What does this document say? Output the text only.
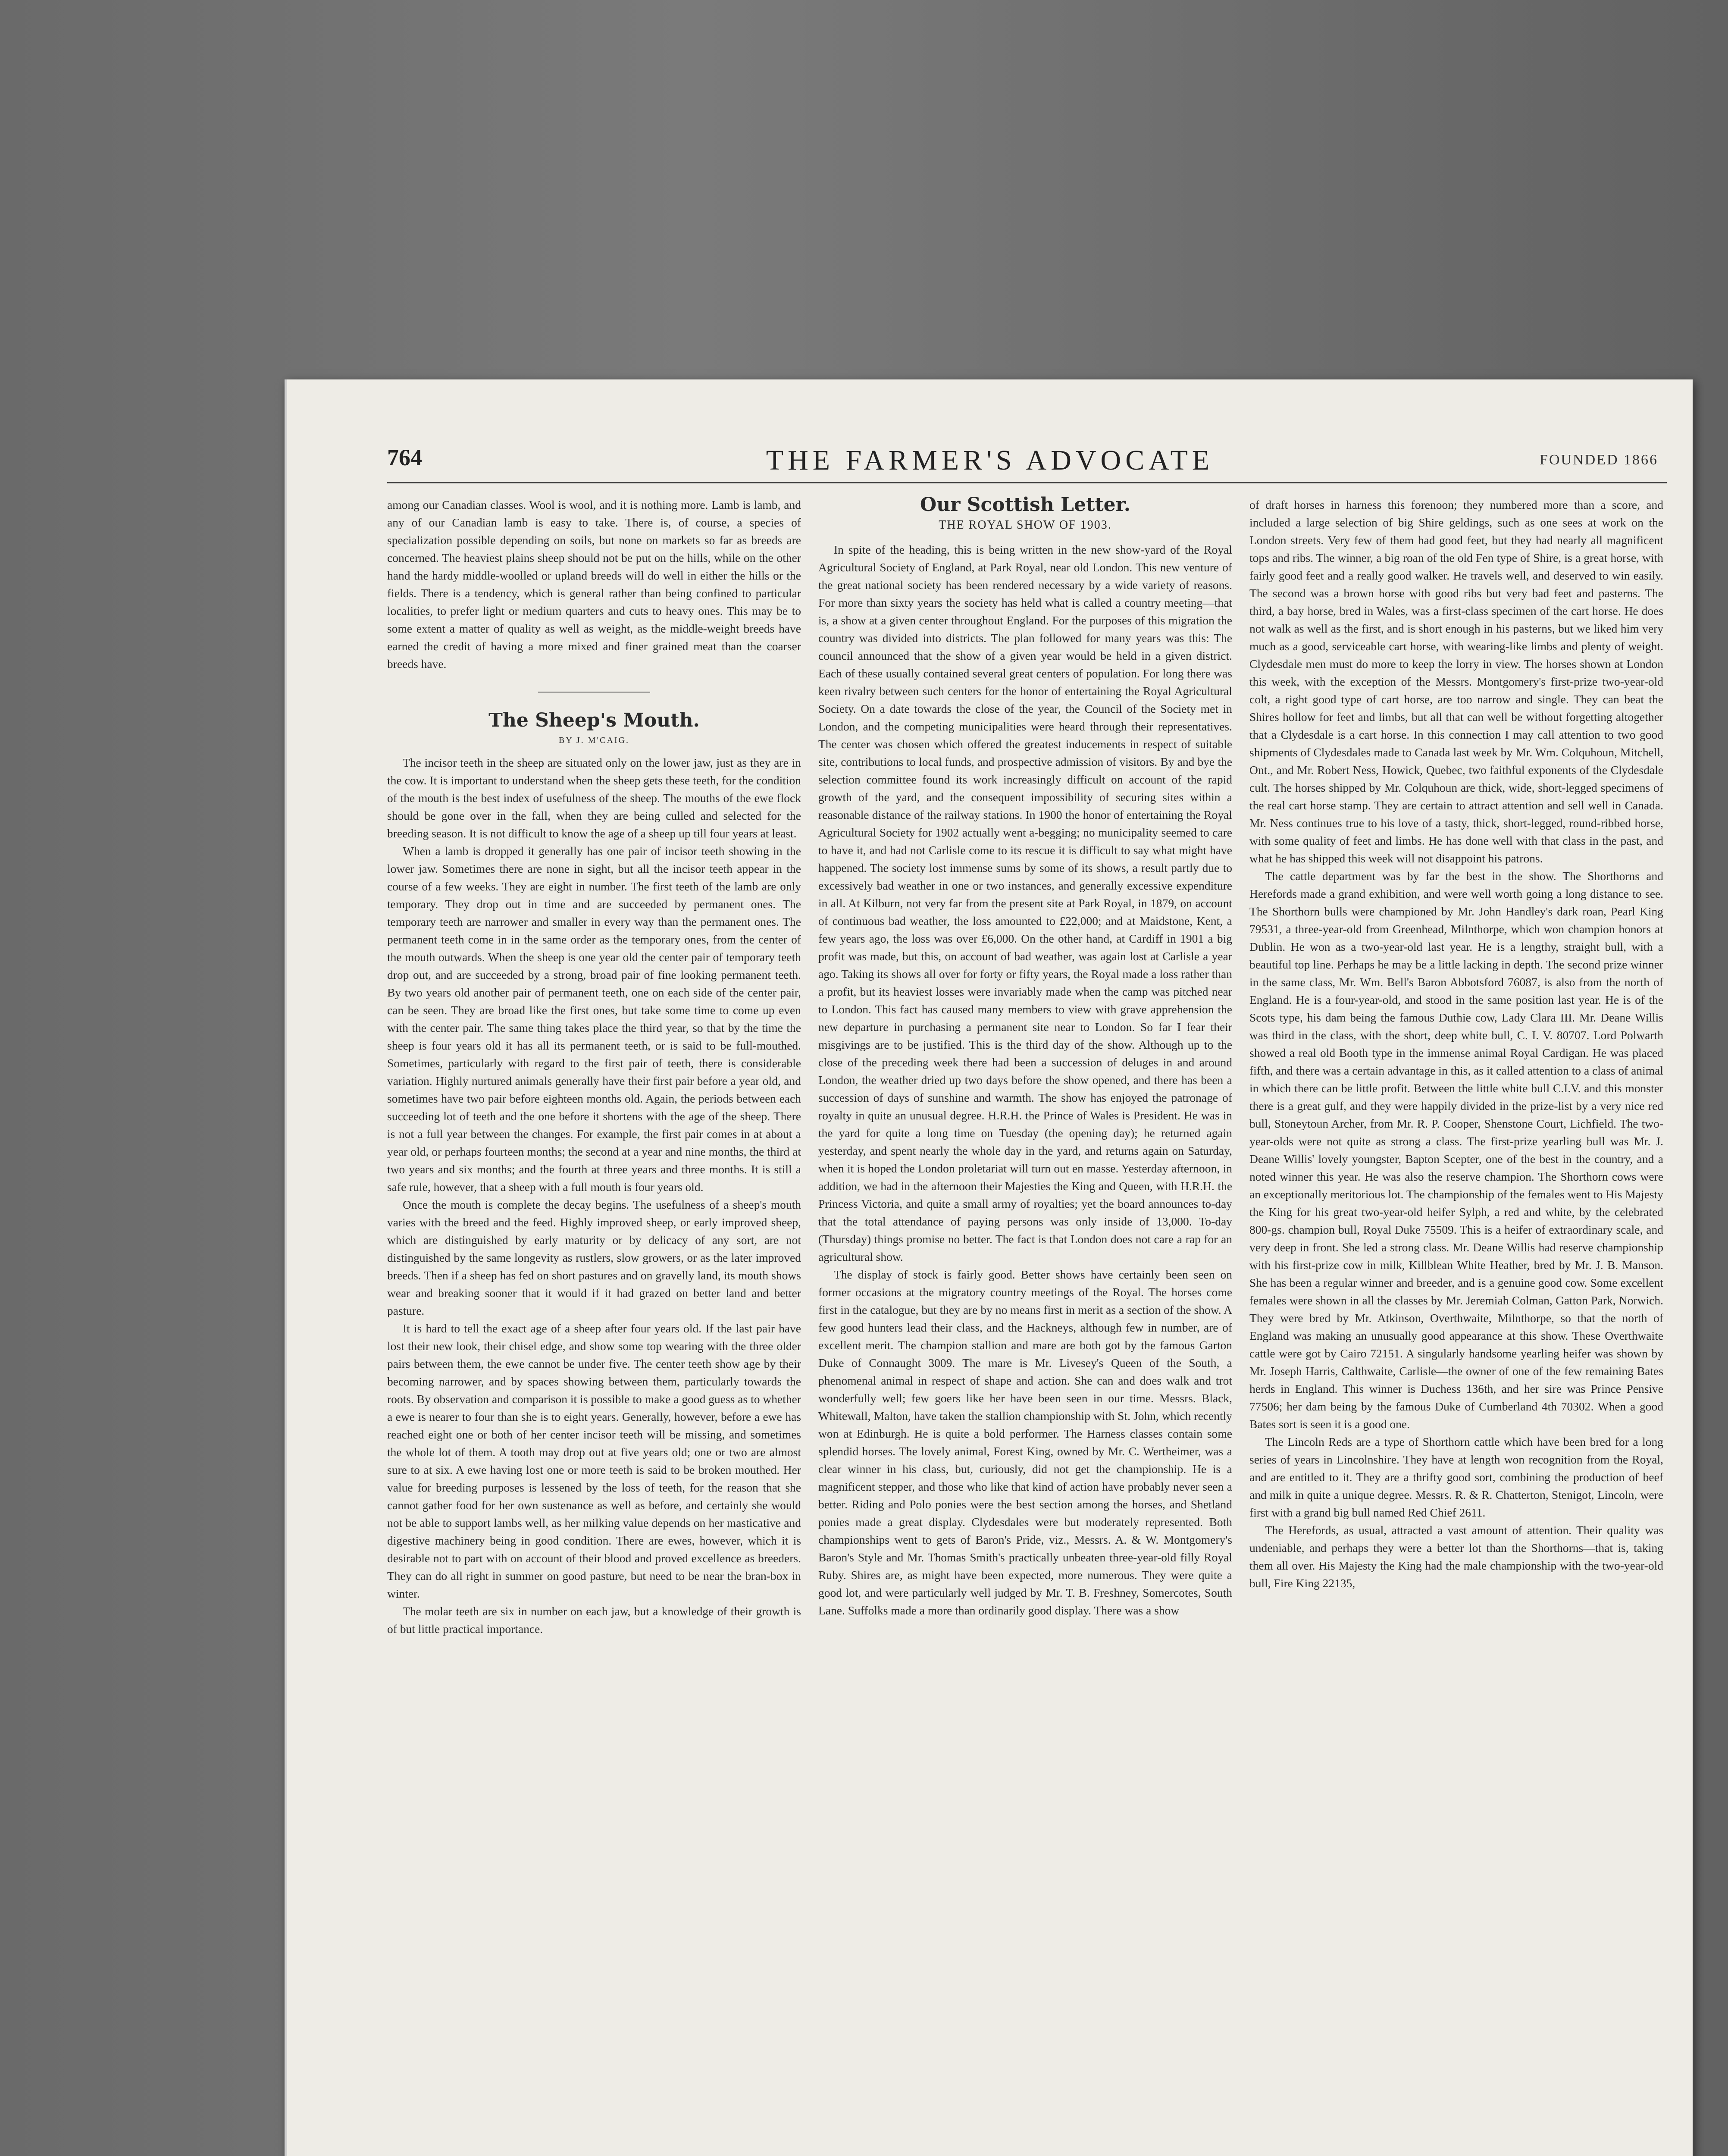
764	THE FARMER'S ADVOCATE	FOUNDED 1866

among our Canadian classes. Wool is wool, and it is nothing more. Lamb is lamb, and any of our Canadian lamb is easy to take. There is, of course, a species of specialization possible depending on soils, but none on markets so far as breeds are concerned. The heaviest plains sheep should not be put on the hills, while on the other hand the hardy middle-woolled or upland breeds will do well in either the hills or the fields. There is a tendency, which is general rather than being confined to particular localities, to prefer light or medium quarters and cuts to heavy ones. This may be to some extent a matter of quality as well as weight, as the middle-weight breeds have earned the credit of having a more mixed and finer grained meat than the coarser breeds have.

The Sheep's Mouth.
BY J. M'CAIG.

The incisor teeth in the sheep are situated only on the lower jaw, just as they are in the cow. It is important to understand when the sheep gets these teeth, for the condition of the mouth is the best index of usefulness of the sheep. The mouths of the ewe flock should be gone over in the fall, when they are being culled and selected for the breeding season. It is not difficult to know the age of a sheep up till four years at least.

When a lamb is dropped it generally has one pair of incisor teeth showing in the lower jaw. Sometimes there are none in sight, but all the incisor teeth appear in the course of a few weeks. They are eight in number. The first teeth of the lamb are only temporary. They drop out in time and are succeeded by permanent ones. The temporary teeth are narrower and smaller in every way than the permanent ones. The permanent teeth come in in the same order as the temporary ones, from the center of the mouth outwards. When the sheep is one year old the center pair of temporary teeth drop out, and are succeeded by a strong, broad pair of fine looking permanent teeth. By two years old another pair of permanent teeth, one on each side of the center pair, can be seen. They are broad like the first ones, but take some time to come up even with the center pair. The same thing takes place the third year, so that by the time the sheep is four years old it has all its permanent teeth, or is said to be full-mouthed. Sometimes, particularly with regard to the first pair of teeth, there is considerable variation. Highly nurtured animals generally have their first pair before a year old, and sometimes have two pair before eighteen months old. Again, the periods between each succeeding lot of teeth and the one before it shortens with the age of the sheep. There is not a full year between the changes. For example, the first pair comes in at about a year old, or perhaps fourteen months; the second at a year and nine months, the third at two years and six months; and the fourth at three years and three months. It is still a safe rule, however, that a sheep with a full mouth is four years old.

Once the mouth is complete the decay begins. The usefulness of a sheep's mouth varies with the breed and the feed. Highly improved sheep, or early improved sheep, which are distinguished by early maturity or by delicacy of any sort, are not distinguished by the same longevity as rustlers, slow growers, or as the later improved breeds. Then if a sheep has fed on short pastures and on gravelly land, its mouth shows wear and breaking sooner that it would if it had grazed on better land and better pasture.

It is hard to tell the exact age of a sheep after four years old. If the last pair have lost their new look, their chisel edge, and show some top wearing with the three older pairs between them, the ewe cannot be under five. The center teeth show age by their becoming narrower, and by spaces showing between them, particularly towards the roots. By observation and comparison it is possible to make a good guess as to whether a ewe is nearer to four than she is to eight years. Generally, however, before a ewe has reached eight one or both of her center incisor teeth will be missing, and sometimes the whole lot of them. A tooth may drop out at five years old; one or two are almost sure to at six. A ewe having lost one or more teeth is said to be broken mouthed. Her value for breeding purposes is lessened by the loss of teeth, for the reason that she cannot gather food for her own sustenance as well as before, and certainly she would not be able to support lambs well, as her milking value depends on her masticative and digestive machinery being in good condition. There are ewes, however, which it is desirable not to part with on account of their blood and proved excellence as breeders. They can do all right in summer on good pasture, but need to be near the bran-box in winter.

The molar teeth are six in number on each jaw, but a knowledge of their growth is of but little practical importance.

Our Scottish Letter.
THE ROYAL SHOW OF 1903.

In spite of the heading, this is being written in the new show-yard of the Royal Agricultural Society of England, at Park Royal, near old London. This new venture of the great national society has been rendered necessary by a wide variety of reasons. For more than sixty years the society has held what is called a country meeting—that is, a show at a given center throughout England. For the purposes of this migration the country was divided into districts. The plan followed for many years was this: The council announced that the show of a given year would be held in a given district. Each of these usually contained several great centers of population. For long there was keen rivalry between such centers for the honor of entertaining the Royal Agricultural Society. On a date towards the close of the year, the Council of the Society met in London, and the competing municipalities were heard through their representatives. The center was chosen which offered the greatest inducements in respect of suitable site, contributions to local funds, and prospective admission of visitors. By and bye the selection committee found its work increasingly difficult on account of the rapid growth of the yard, and the consequent impossibility of securing sites within a reasonable distance of the railway stations. In 1900 the honor of entertaining the Royal Agricultural Society for 1902 actually went a-begging; no municipality seemed to care to have it, and had not Carlisle come to its rescue it is difficult to say what might have happened. The society lost immense sums by some of its shows, a result partly due to excessively bad weather in one or two instances, and generally excessive expenditure in all. At Kilburn, not very far from the present site at Park Royal, in 1879, on account of continuous bad weather, the loss amounted to £22,000; and at Maidstone, Kent, a few years ago, the loss was over £6,000. On the other hand, at Cardiff in 1901 a big profit was made, but this, on account of bad weather, was again lost at Carlisle a year ago. Taking its shows all over for forty or fifty years, the Royal made a loss rather than a profit, but its heaviest losses were invariably made when the camp was pitched near to London. This fact has caused many members to view with grave apprehension the new departure in purchasing a permanent site near to London. So far I fear their misgivings are to be justified. This is the third day of the show. Although up to the close of the preceding week there had been a succession of deluges in and around London, the weather dried up two days before the show opened, and there has been a succession of days of sunshine and warmth. The show has enjoyed the patronage of royalty in quite an unusual degree. H.R.H. the Prince of Wales is President. He was in the yard for quite a long time on Tuesday (the opening day); he returned again yesterday, and spent nearly the whole day in the yard, and returns again on Saturday, when it is hoped the London proletariat will turn out en masse. Yesterday afternoon, in addition, we had in the afternoon their Majesties the King and Queen, with H.R.H. the Princess Victoria, and quite a small army of royalties; yet the board announces to-day that the total attendance of paying persons was only inside of 13,000. To-day (Thursday) things promise no better. The fact is that London does not care a rap for an agricultural show.

The display of stock is fairly good. Better shows have certainly been seen on former occasions at the migratory country meetings of the Royal. The horses come first in the catalogue, but they are by no means first in merit as a section of the show. A few good hunters lead their class, and the Hackneys, although few in number, are of excellent merit. The champion stallion and mare are both got by the famous Garton Duke of Connaught 3009. The mare is Mr. Livesey's Queen of the South, a phenomenal animal in respect of shape and action. She can and does walk and trot wonderfully well; few goers like her have been seen in our time. Messrs. Black, Whitewall, Malton, have taken the stallion championship with St. John, which recently won at Edinburgh. He is quite a bold performer. The Harness classes contain some splendid horses. The lovely animal, Forest King, owned by Mr. C. Wertheimer, was a clear winner in his class, but, curiously, did not get the championship. He is a magnificent stepper, and those who like that kind of action have probably never seen a better. Riding and Polo ponies were the best section among the horses, and Shetland ponies made a great display. Clydesdales were but moderately represented. Both championships went to gets of Baron's Pride, viz., Messrs. A. & W. Montgomery's Baron's Style and Mr. Thomas Smith's practically unbeaten three-year-old filly Royal Ruby. Shires are, as might have been expected, more numerous. They were quite a good lot, and were particularly well judged by Mr. T. B. Freshney, Somercotes, South Lane. Suffolks made a more than ordinarily good display. There was a show

of draft horses in harness this forenoon; they numbered more than a score, and included a large selection of big Shire geldings, such as one sees at work on the London streets. Very few of them had good feet, but they had nearly all magnificent tops and ribs. The winner, a big roan of the old Fen type of Shire, is a great horse, with fairly good feet and a really good walker. He travels well, and deserved to win easily. The second was a brown horse with good ribs but very bad feet and pasterns. The third, a bay horse, bred in Wales, was a first-class specimen of the cart horse. He does not walk as well as the first, and is short enough in his pasterns, but we liked him very much as a good, serviceable cart horse, with wearing-like limbs and plenty of weight. Clydesdale men must do more to keep the lorry in view. The horses shown at London this week, with the exception of the Messrs. Montgomery's first-prize two-year-old colt, a right good type of cart horse, are too narrow and single. They can beat the Shires hollow for feet and limbs, but all that can well be without forgetting altogether that a Clydesdale is a cart horse. In this connection I may call attention to two good shipments of Clydesdales made to Canada last week by Mr. Wm. Colquhoun, Mitchell, Ont., and Mr. Robert Ness, Howick, Quebec, two faithful exponents of the Clydesdale cult. The horses shipped by Mr. Colquhoun are thick, wide, short-legged specimens of the real cart horse stamp. They are certain to attract attention and sell well in Canada. Mr. Ness continues true to his love of a tasty, thick, short-legged, round-ribbed horse, with some quality of feet and limbs. He has done well with that class in the past, and what he has shipped this week will not disappoint his patrons.

The cattle department was by far the best in the show. The Shorthorns and Herefords made a grand exhibition, and were well worth going a long distance to see. The Shorthorn bulls were championed by Mr. John Handley's dark roan, Pearl King 79531, a three-year-old from Greenhead, Milnthorpe, which won champion honors at Dublin. He won as a two-year-old last year. He is a lengthy, straight bull, with a beautiful top line. Perhaps he may be a little lacking in depth. The second prize winner in the same class, Mr. Wm. Bell's Baron Abbotsford 76087, is also from the north of England. He is a four-year-old, and stood in the same position last year. He is of the Scots type, his dam being the famous Duthie cow, Lady Clara III. Mr. Deane Willis was third in the class, with the short, deep white bull, C. I. V. 80707. Lord Polwarth showed a real old Booth type in the immense animal Royal Cardigan. He was placed fifth, and there was a certain advantage in this, as it called attention to a class of animal in which there can be little profit. Between the little white bull C.I.V. and this monster there is a great gulf, and they were happily divided in the prize-list by a very nice red bull, Stoneytoun Archer, from Mr. R. P. Cooper, Shenstone Court, Lichfield. The two-year-olds were not quite as strong a class. The first-prize yearling bull was Mr. J. Deane Willis' lovely youngster, Bapton Scepter, one of the best in the country, and a noted winner this year. He was also the reserve champion. The Shorthorn cows were an exceptionally meritorious lot. The championship of the females went to His Majesty the King for his great two-year-old heifer Sylph, a red and white, by the celebrated 800-gs. champion bull, Royal Duke 75509. This is a heifer of extraordinary scale, and very deep in front. She led a strong class. Mr. Deane Willis had reserve championship with his first-prize cow in milk, Killblean White Heather, bred by Mr. J. B. Manson. She has been a regular winner and breeder, and is a genuine good cow. Some excellent females were shown in all the classes by Mr. Jeremiah Colman, Gatton Park, Norwich. They were bred by Mr. Atkinson, Overthwaite, Milnthorpe, so that the north of England was making an unusually good appearance at this show. These Overthwaite cattle were got by Cairo 72151. A singularly handsome yearling heifer was shown by Mr. Joseph Harris, Calthwaite, Carlisle—the owner of one of the few remaining Bates herds in England. This winner is Duchess 136th, and her sire was Prince Pensive 77506; her dam being by the famous Duke of Cumberland 4th 70302. When a good Bates sort is seen it is a good one.

The Lincoln Reds are a type of Shorthorn cattle which have been bred for a long series of years in Lincolnshire. They have at length won recognition from the Royal, and are entitled to it. They are a thrifty good sort, combining the production of beef and milk in quite a unique degree. Messrs. R. & R. Chatterton, Stenigot, Lincoln, were first with a grand big bull named Red Chief 2611.

The Herefords, as usual, attracted a vast amount of attention. Their quality was undeniable, and perhaps they were a better lot than the Shorthorns—that is, taking them all over. His Majesty the King had the male championship with the two-year-old bull, Fire King 22135,
